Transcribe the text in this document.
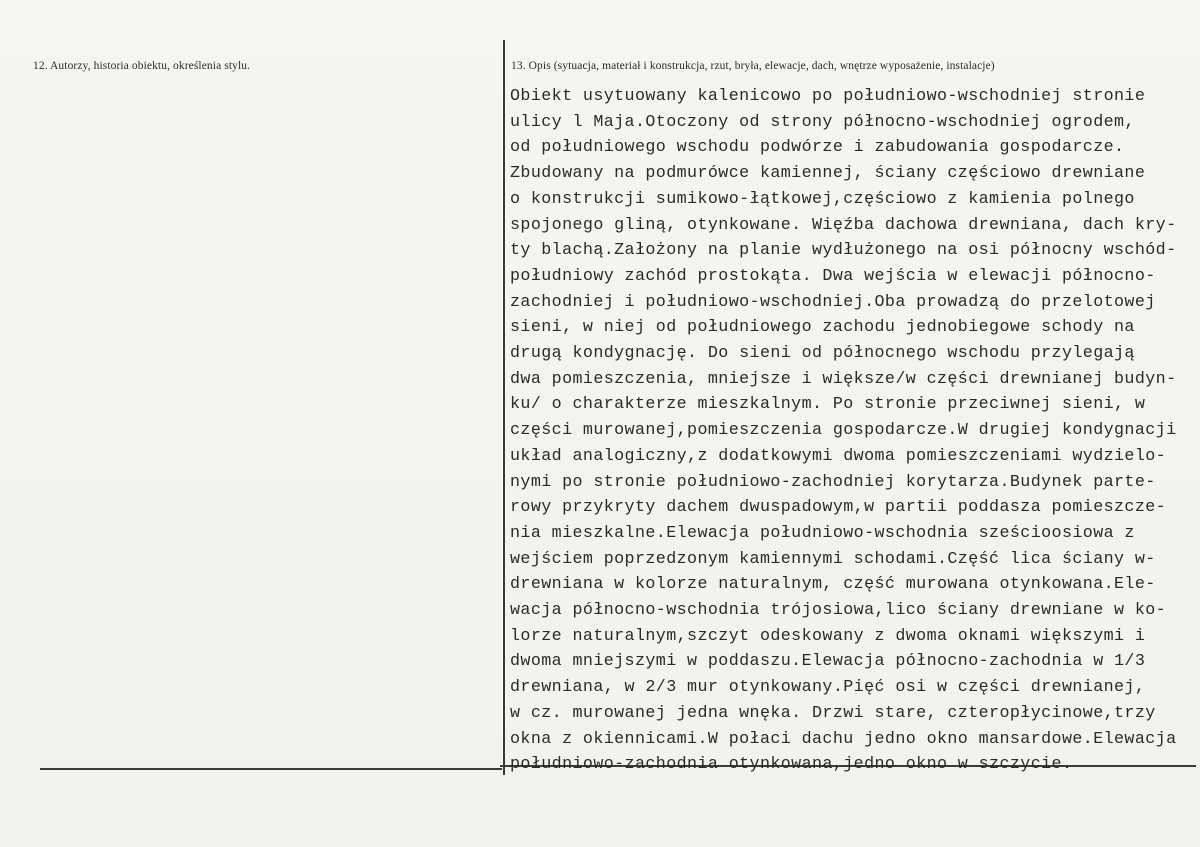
12. Autorzy, historia obiektu, określenia stylu.	13. Opis (sytuacja, materiał i konstrukcja, rzut, bryła, elewacje, dach, wnętrze wyposażenie, instalacje)
Obiekt usytuowany kalenicowo po południowo-wschodniej stronie
ulicy l Maja.Otoczony od strony północno-wschodniej ogrodem,
od południowego wschodu podwórze i zabudowania gospodarcze.
Zbudowany na podmurówce kamiennej, ściany częściowo drewniane
o konstrukcji sumikowo-łątkowej,częściowo z kamienia polnego
spojonego gliną, otynkowane. Więźba dachowa drewniana, dach kry-
ty blachą.Założony na planie wydłużonego na osi północny wschód-
południowy zachód prostokąta. Dwa wejścia w elewacji północno-
zachodniej i południowo-wschodniej.Oba prowadzą do przelotowej
sieni, w niej od południowego zachodu jednobiegowe schody na
drugą kondygnację. Do sieni od północnego wschodu przylegają
dwa pomieszczenia, mniejsze i większe/w części drewnianej budyn-
ku/ o charakterze mieszkalnym. Po stronie przeciwnej sieni, w
części murowanej,pomieszczenia gospodarcze.W drugiej kondygnacji
układ analogiczny,z dodatkowymi dwoma pomieszczeniami wydzielo-
nymi po stronie południowo-zachodniej korytarza.Budynek parte-
rowy przykryty dachem dwuspadowym,w partii poddasza pomieszcze-
nia mieszkalne.Elewacja południowo-wschodnia sześcioosiowa z
wejściem poprzedzonym kamiennymi schodami.Część lica ściany w-
drewniana w kolorze naturalnym, część murowana otynkowana.Ele-
wacja północno-wschodnia trójosiowa,lico ściany drewniane w ko-
lorze naturalnym,szczyt odeskowany z dwoma oknami większymi i
dwoma mniejszymi w poddaszu.Elewacja północno-zachodnia w 1/3
drewniana, w 2/3 mur otynkowany.Pięć osi w części drewnianej,
w cz. murowanej jedna wnęka. Drzwi stare, czteropłycinowe,trzy
okna z okiennicami.W połaci dachu jedno okno mansardowe.Elewacja
południowo-zachodnia otynkowana,jedno okno w szczycie.
